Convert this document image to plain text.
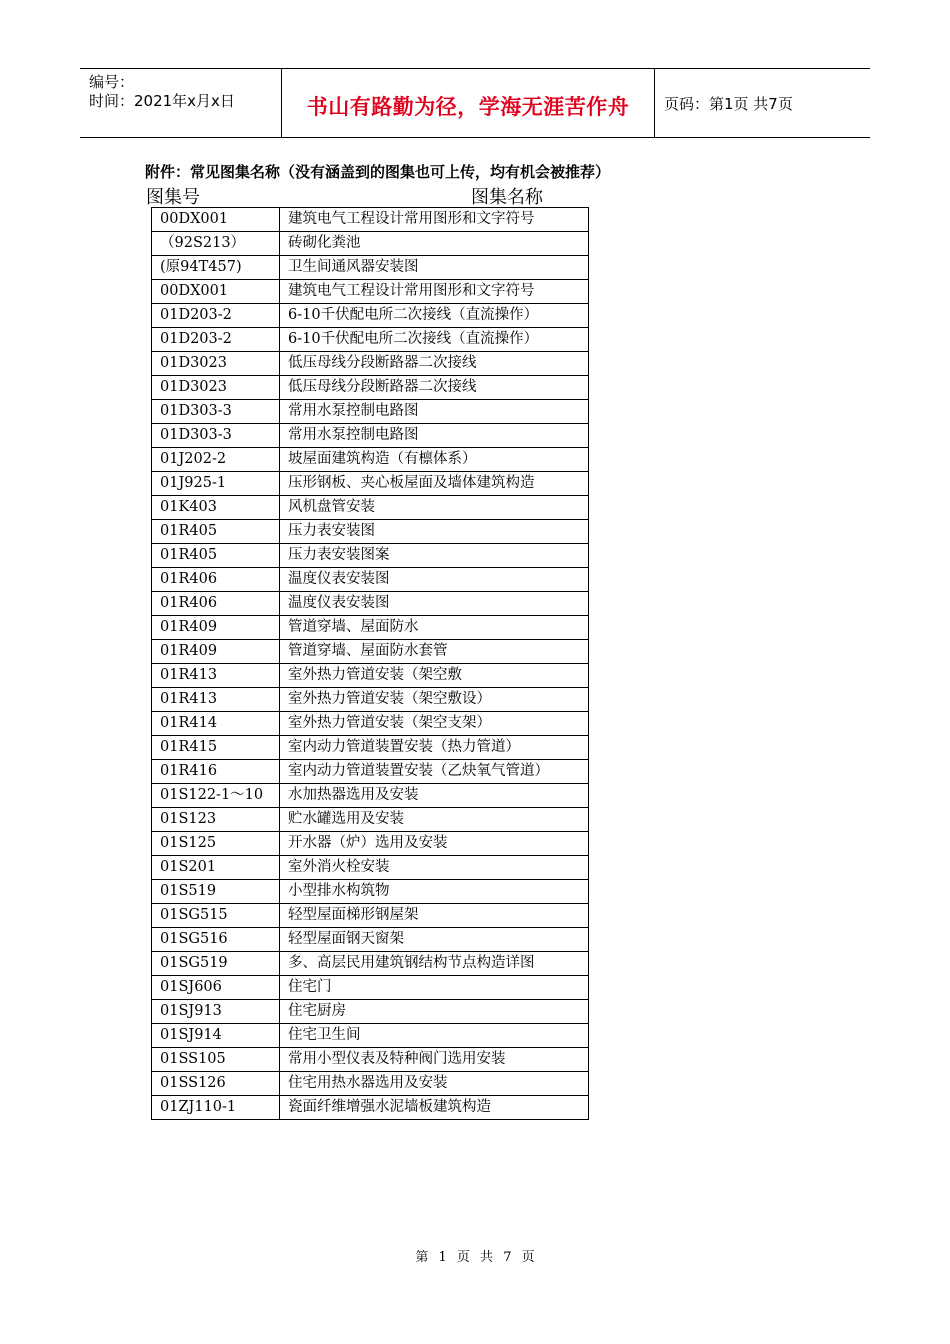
编号：
时间：2021年x月x日	书山有路勤为径，学海无涯苦作舟	页码：第1页 共7页
附件：常见图集名称（没有涵盖到的图集也可上传，均有机会被推荐）
图集号	图集名称
00DX001	建筑电气工程设计常用图形和文字符号
（92S213）	砖砌化粪池
(原94T457)	卫生间通风器安装图
00DX001	建筑电气工程设计常用图形和文字符号
01D203-2	6-10千伏配电所二次接线（直流操作）
01D203-2	6-10千伏配电所二次接线（直流操作）
01D3023	低压母线分段断路器二次接线
01D3023	低压母线分段断路器二次接线
01D303-3	常用水泵控制电路图
01D303-3	常用水泵控制电路图
01J202-2	坡屋面建筑构造（有檩体系）
01J925-1	压形钢板、夹心板屋面及墙体建筑构造
01K403	风机盘管安装
01R405	压力表安装图
01R405	压力表安装图案
01R406	温度仪表安装图
01R406	温度仪表安装图
01R409	管道穿墙、屋面防水
01R409	管道穿墙、屋面防水套管
01R413	室外热力管道安装（架空敷
01R413	室外热力管道安装（架空敷设）
01R414	室外热力管道安装（架空支架）
01R415	室内动力管道装置安装（热力管道）
01R416	室内动力管道装置安装（乙炔氧气管道）
01S122-1～10	水加热器选用及安装
01S123	贮水罐选用及安装
01S125	开水器（炉）选用及安装
01S201	室外消火栓安装
01S519	小型排水构筑物
01SG515	轻型屋面梯形钢屋架
01SG516	轻型屋面钢天窗架
01SG519	多、高层民用建筑钢结构节点构造详图
01SJ606	住宅门
01SJ913	住宅厨房
01SJ914	住宅卫生间
01SS105	常用小型仪表及特种阀门选用安装
01SS126	住宅用热水器选用及安装
01ZJ110-1	瓷面纤维增强水泥墙板建筑构造
第 1 页 共 7 页
